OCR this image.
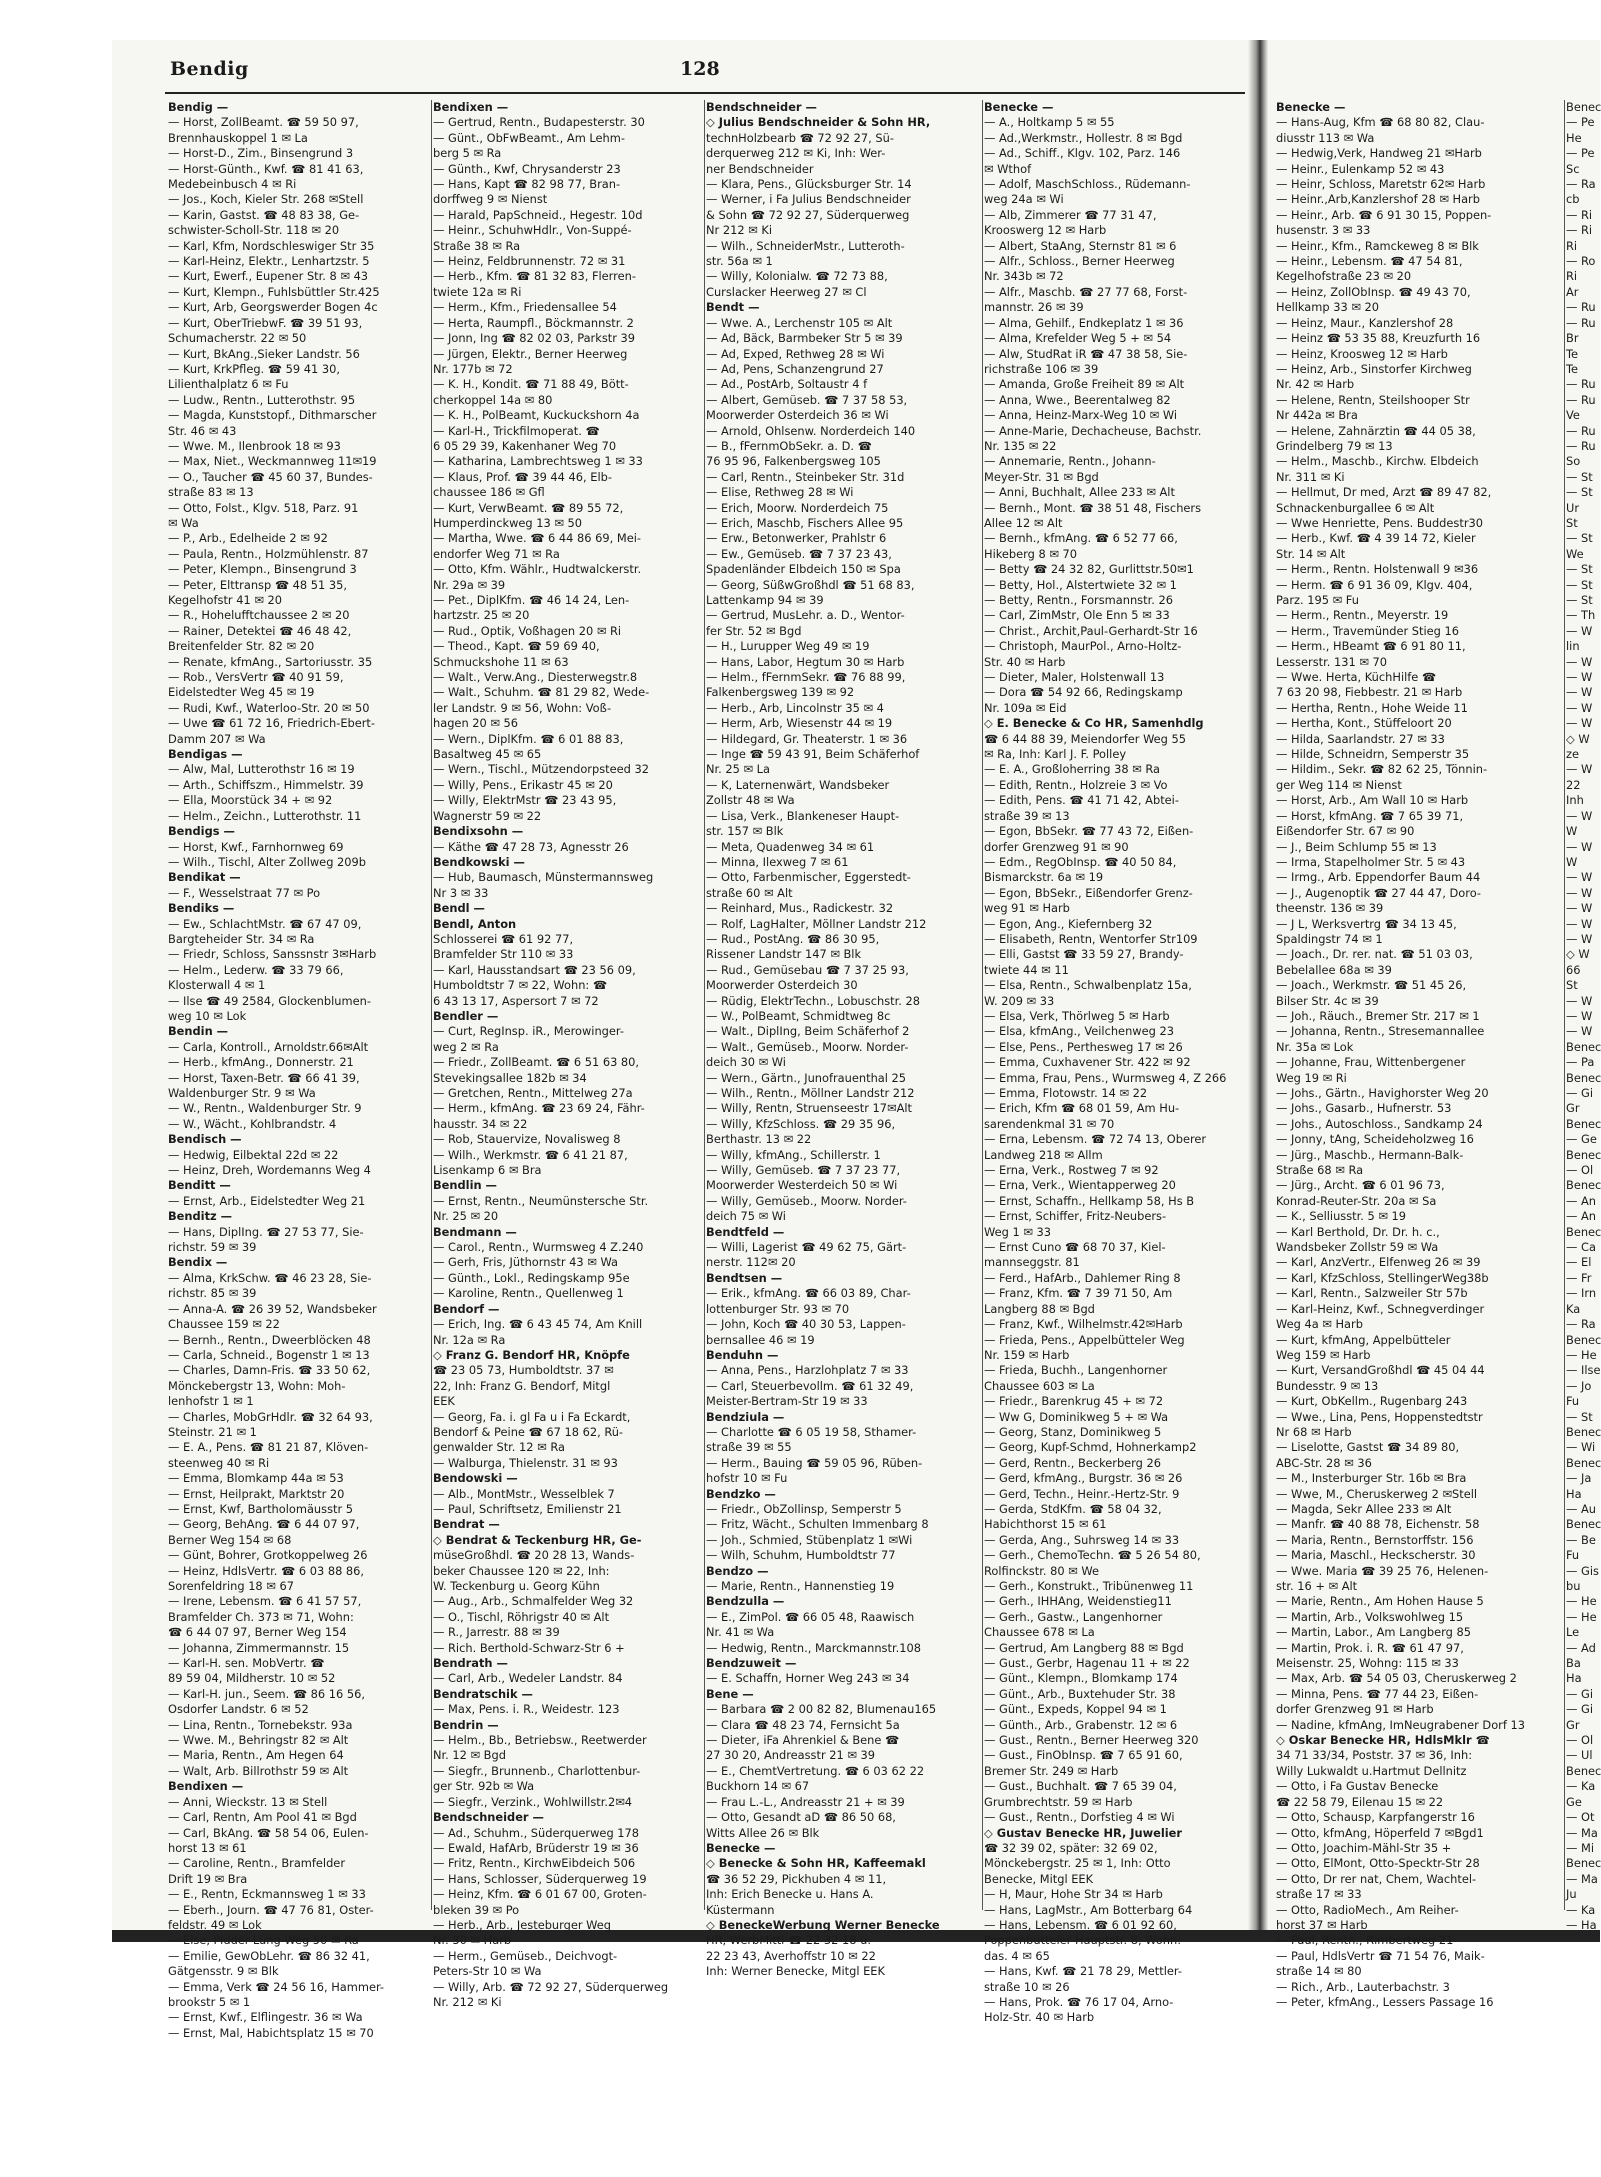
Bendig	128
Bendig —
— Horst, ZollBeamt. ☎ 59 50 97,
Brennhauskoppel 1 ✉ La
— Horst-D., Zim., Binsengrund 3
— Horst-Günth., Kwf. ☎ 81 41 63,
Medebeinbusch 4 ✉ Ri
— Jos., Koch, Kieler Str. 268 ✉Stell
— Karin, Gastst. ☎ 48 83 38, Ge-
schwister-Scholl-Str. 118 ✉ 20
— Karl, Kfm, Nordschleswiger Str 35
— Karl-Heinz, Elektr., Lenhartzstr. 5
— Kurt, Ewerf., Eupener Str. 8 ✉ 43
— Kurt, Klempn., Fuhlsbüttler Str.425
— Kurt, Arb, Georgswerder Bogen 4c
— Kurt, OberTriebwF. ☎ 39 51 93,
Schumacherstr. 22 ✉ 50
— Kurt, BkAng.,Sieker Landstr. 56
— Kurt, KrkPfleg. ☎ 59 41 30,
Lilienthalplatz 6 ✉ Fu
— Ludw., Rentn., Lutterothstr. 95
— Magda, Kunststopf., Dithmarscher
Str. 46 ✉ 43
— Wwe. M., Ilenbrook 18 ✉ 93
— Max, Niet., Weckmannweg 11✉19
— O., Taucher ☎ 45 60 37, Bundes-
straße 83 ✉ 13
— Otto, Folst., Klgv. 518, Parz. 91
✉ Wa
— P., Arb., Edelheide 2 ✉ 92
— Paula, Rentn., Holzmühlenstr. 87
— Peter, Klempn., Binsengrund 3
— Peter, Elttransp ☎ 48 51 35,
Kegelhofstr 41 ✉ 20
— R., Hohelufftchaussee 2 ✉ 20
— Rainer, Detektei ☎ 46 48 42,
Breitenfelder Str. 82 ✉ 20
— Renate, kfmAng., Sartoriusstr. 35
— Rob., VersVertr ☎ 40 91 59,
Eidelstedter Weg 45 ✉ 19
— Rudi, Kwf., Waterloo-Str. 20 ✉ 50
— Uwe ☎ 61 72 16, Friedrich-Ebert-
Damm 207 ✉ Wa
Bendigas —
— Alw, Mal, Lutterothstr 16 ✉ 19
— Arth., Schiffszm., Himmelstr. 39
— Ella, Moorstück 34 + ✉ 92
— Helm., Zeichn., Lutterothstr. 11
Bendigs —
— Horst, Kwf., Farnhornweg 69
— Wilh., Tischl, Alter Zollweg 209b
Bendikat —
— F., Wesselstraat 77 ✉ Po
Bendiks —
— Ew., SchlachtMstr. ☎ 67 47 09,
Bargteheider Str. 34 ✉ Ra
— Friedr, Schloss, Sanssnstr 3✉Harb
— Helm., Lederw. ☎ 33 79 66,
Klosterwall 4 ✉ 1
— Ilse ☎ 49 2584, Glockenblumen-
weg 10 ✉ Lok
Bendin —
— Carla, Kontroll., Arnoldstr.66✉Alt
— Herb., kfmAng., Donnerstr. 21
— Horst, Taxen-Betr. ☎ 66 41 39,
Waldenburger Str. 9 ✉ Wa
— W., Rentn., Waldenburger Str. 9
— W., Wächt., Kohlbrandstr. 4
Bendisch —
— Hedwig, Eilbektal 22d ✉ 22
— Heinz, Dreh, Wordemanns Weg 4
Benditt —
— Ernst, Arb., Eidelstedter Weg 21
Benditz —
— Hans, DiplIng. ☎ 27 53 77, Sie-
richstr. 59 ✉ 39
Bendix —
— Alma, KrkSchw. ☎ 46 23 28, Sie-
richstr. 85 ✉ 39
— Anna-A. ☎ 26 39 52, Wandsbeker
Chaussee 159 ✉ 22
— Bernh., Rentn., Dweerblöcken 48
— Carla, Schneid., Bogenstr 1 ✉ 13
— Charles, Damn-Fris. ☎ 33 50 62,
Mönckebergstr 13, Wohn: Moh-
lenhofstr 1 ✉ 1
— Charles, MobGrHdlr. ☎ 32 64 93,
Steinstr. 21 ✉ 1
— E. A., Pens. ☎ 81 21 87, Klöven-
steenweg 40 ✉ Ri
— Emma, Blomkamp 44a ✉ 53
— Ernst, Heilprakt, Marktstr 20
— Ernst, Kwf, Bartholomäusstr 5
— Georg, BehAng. ☎ 6 44 07 97,
Berner Weg 154 ✉ 68
— Günt, Bohrer, Grotkoppelweg 26
— Heinz, HdlsVertr. ☎ 6 03 88 86,
Sorenfeldring 18 ✉ 67
— Irene, Lebensm. ☎ 6 41 57 57,
Bramfelder Ch. 373 ✉ 71, Wohn:
☎ 6 44 07 97, Berner Weg 154
— Johanna, Zimmermannstr. 15
— Karl-H. sen. MobVertr. ☎
89 59 04, Mildherstr. 10 ✉ 52
— Karl-H. jun., Seem. ☎ 86 16 56,
Osdorfer Landstr. 6 ✉ 52
— Lina, Rentn., Tornebekstr. 93a
— Wwe. M., Behringstr 82 ✉ Alt
— Maria, Rentn., Am Hegen 64
— Walt, Arb. Billrothstr 59 ✉ Alt
Bendixen —
— Anni, Wieckstr. 13 ✉ Stell
— Carl, Rentn, Am Pool 41 ✉ Bgd
— Carl, BkAng. ☎ 58 54 06, Eulen-
horst 13 ✉ 61
— Caroline, Rentn., Bramfelder
Drift 19 ✉ Bra
— E., Rentn, Eckmannsweg 1 ✉ 33
— Eberh., Journ. ☎ 47 76 81, Oster-
feldstr. 49 ✉ Lok
— Else, Pidder-Lüng-Weg 50 ✉ Ra
— Emilie, GewObLehr. ☎ 86 32 41,
Gätgensstr. 9 ✉ Blk
— Emma, Verk ☎ 24 56 16, Hammer-
brookstr 5 ✉ 1
— Ernst, Kwf., Elflingestr. 36 ✉ Wa
— Ernst, Mal, Habichtsplatz 15 ✉ 70
Bendixen —
— Gertrud, Rentn., Budapesterstr. 30
— Günt., ObFwBeamt., Am Lehm-
berg 5 ✉ Ra
— Günth., Kwf, Chrysanderstr 23
— Hans, Kapt ☎ 82 98 77, Bran-
dorffweg 9 ✉ Nienst
— Harald, PapSchneid., Hegestr. 10d
— Heinr., SchuhwHdlr., Von-Suppé-
Straße 38 ✉ Ra
— Heinz, Feldbrunnenstr. 72 ✉ 31
— Herb., Kfm. ☎ 81 32 83, Flerren-
twiete 12a ✉ Ri
— Herm., Kfm., Friedensallee 54
— Herta, Raumpfl., Böckmannstr. 2
— Jonn, Ing ☎ 82 02 03, Parkstr 39
— Jürgen, Elektr., Berner Heerweg
Nr. 177b ✉ 72
— K. H., Kondit. ☎ 71 88 49, Bött-
cherkoppel 14a ✉ 80
— K. H., PolBeamt, Kuckuckshorn 4a
— Karl-H., Trickfilmoperat. ☎
6 05 29 39, Kakenhaner Weg 70
— Katharina, Lambrechtsweg 1 ✉ 33
— Klaus, Prof. ☎ 39 44 46, Elb-
chaussee 186 ✉ Gfl
— Kurt, VerwBeamt. ☎ 89 55 72,
Humperdinckweg 13 ✉ 50
— Martha, Wwe. ☎ 6 44 86 69, Mei-
endorfer Weg 71 ✉ Ra
— Otto, Kfm. Wählr., Hudtwalckerstr.
Nr. 29a ✉ 39
— Pet., DiplKfm. ☎ 46 14 24, Len-
hartzstr. 25 ✉ 20
— Rud., Optik, Voßhagen 20 ✉ Ri
— Theod., Kapt. ☎ 59 69 40,
Schmuckshohe 11 ✉ 63
— Walt., Verw.Ang., Diesterwegstr.8
— Walt., Schuhm. ☎ 81 29 82, Wede-
ler Landstr. 9 ✉ 56, Wohn: Voß-
hagen 20 ✉ 56
— Wern., DiplKfm. ☎ 6 01 88 83,
Basaltweg 45 ✉ 65
— Wern., Tischl., Mützendorpsteed 32
— Willy, Pens., Erikastr 45 ✉ 20
— Willy, ElektrMstr ☎ 23 43 95,
Wagnerstr 59 ✉ 22
Bendixsohn —
— Käthe ☎ 47 28 73, Agnesstr 26
Bendkowski —
— Hub, Baumasch, Münstermannsweg
Nr 3 ✉ 33
Bendl —
Bendl, Anton
Schlosserei ☎ 61 92 77,
Bramfelder Str 110 ✉ 33
— Karl, Hausstandsart ☎ 23 56 09,
Humboldtstr 7 ✉ 22, Wohn: ☎
6 43 13 17, Aspersort 7 ✉ 72
Bendler —
— Curt, RegInsp. iR., Merowinger-
weg 2 ✉ Ra
— Friedr., ZollBeamt. ☎ 6 51 63 80,
Stevekingsallee 182b ✉ 34
— Gretchen, Rentn., Mittelweg 27a
— Herm., kfmAng. ☎ 23 69 24, Fähr-
hausstr. 34 ✉ 22
— Rob, Stauervize, Novalisweg 8
— Wilh., Werkmstr. ☎ 6 41 21 87,
Lisenkamp 6 ✉ Bra
Bendlin —
— Ernst, Rentn., Neumünstersche Str.
Nr. 25 ✉ 20
Bendmann —
— Carol., Rentn., Wurmsweg 4 Z.240
— Gerh, Fris, Jüthornstr 43 ✉ Wa
— Günth., Lokl., Redingskamp 95e
— Karoline, Rentn., Quellenweg 1
Bendorf —
— Erich, Ing. ☎ 6 43 45 74, Am Knill
Nr. 12a ✉ Ra
◇ Franz G. Bendorf HR, Knöpfe
☎ 23 05 73, Humboldtstr. 37 ✉
22, Inh: Franz G. Bendorf, Mitgl
EEK
— Georg, Fa. i. gl Fa u i Fa Eckardt,
Bendorf & Peine ☎ 67 18 62, Rü-
genwalder Str. 12 ✉ Ra
— Walburga, Thielenstr. 31 ✉ 93
Bendowski —
— Alb., MontMstr., Wesselblek 7
— Paul, Schriftsetz, Emilienstr 21
Bendrat —
◇ Bendrat & Teckenburg HR, Ge-
müseGroßhdl. ☎ 20 28 13, Wands-
beker Chaussee 120 ✉ 22, Inh:
W. Teckenburg u. Georg Kühn
— Aug., Arb., Schmalfelder Weg 32
— O., Tischl, Röhrigstr 40 ✉ Alt
— R., Jarrestr. 88 ✉ 39
— Rich. Berthold-Schwarz-Str 6 +
Bendrath —
— Carl, Arb., Wedeler Landstr. 84
Bendratschik —
— Max, Pens. i. R., Weidestr. 123
Bendrin —
— Helm., Bb., Betriebsw., Reetwerder
Nr. 12 ✉ Bgd
— Siegfr., Brunnenb., Charlottenbur-
ger Str. 92b ✉ Wa
— Siegfr., Verzink., Wohlwillstr.2✉4
Bendschneider —
— Ad., Schuhm., Süderquerweg 178
— Ewald, HafArb, Brüderstr 19 ✉ 36
— Fritz, Rentn., KirchwEibdeich 506
— Hans, Schlosser, Süderquerweg 19
— Heinz, Kfm. ☎ 6 01 67 00, Groten-
bleken 39 ✉ Po
— Herb., Arb., Jesteburger Weg
Nr. 30 ✉ Harb
— Herm., Gemüseb., Deichvogt-
Peters-Str 10 ✉ Wa
— Willy, Arb. ☎ 72 92 27, Süderquerweg
Nr. 212 ✉ Ki
Bendschneider —
◇ Julius Bendschneider & Sohn HR,
technHolzbearb ☎ 72 92 27, Sü-
derquerweg 212 ✉ Ki, Inh: Wer-
ner Bendschneider
— Klara, Pens., Glücksburger Str. 14
— Werner, i Fa Julius Bendschneider
& Sohn ☎ 72 92 27, Süderquerweg
Nr 212 ✉ Ki
— Wilh., SchneiderMstr., Lutteroth-
str. 56a ✉ 1
— Willy, Kolonialw. ☎ 72 73 88,
Curslacker Heerweg 27 ✉ Cl
Bendt —
— Wwe. A., Lerchenstr 105 ✉ Alt
— Ad, Bäck, Barmbeker Str 5 ✉ 39
— Ad, Exped, Rethweg 28 ✉ Wi
— Ad, Pens, Schanzengrund 27
— Ad., PostArb, Soltaustr 4 f
— Albert, Gemüseb. ☎ 7 37 58 53,
Moorwerder Osterdeich 36 ✉ Wi
— Arnold, Ohlsenw. Norderdeich 140
— B., fFernmObSekr. a. D. ☎
76 95 96, Falkenbergsweg 105
— Carl, Rentn., Steinbeker Str. 31d
— Elise, Rethweg 28 ✉ Wi
— Erich, Moorw. Norderdeich 75
— Erich, Maschb, Fischers Allee 95
— Erw., Betonwerker, Prahlstr 6
— Ew., Gemüseb. ☎ 7 37 23 43,
Spadenländer Elbdeich 150 ✉ Spa
— Georg, SüßwGroßhdl ☎ 51 68 83,
Lattenkamp 94 ✉ 39
— Gertrud, MusLehr. a. D., Wentor-
fer Str. 52 ✉ Bgd
— H., Lurupper Weg 49 ✉ 19
— Hans, Labor, Hegtum 30 ✉ Harb
— Helm., fFernmSekr. ☎ 76 88 99,
Falkenbergsweg 139 ✉ 92
— Herb., Arb, Lincolnstr 35 ✉ 4
— Herm, Arb, Wiesenstr 44 ✉ 19
— Hildegard, Gr. Theaterstr. 1 ✉ 36
— Inge ☎ 59 43 91, Beim Schäferhof
Nr. 25 ✉ La
— K, Laternenwärt, Wandsbeker
Zollstr 48 ✉ Wa
— Lisa, Verk., Blankeneser Haupt-
str. 157 ✉ Blk
— Meta, Quadenweg 34 ✉ 61
— Minna, Ilexweg 7 ✉ 61
— Otto, Farbenmischer, Eggerstedt-
straße 60 ✉ Alt
— Reinhard, Mus., Radickestr. 32
— Rolf, LagHalter, Möllner Landstr 212
— Rud., PostAng. ☎ 86 30 95,
Rissener Landstr 147 ✉ Blk
— Rud., Gemüsebau ☎ 7 37 25 93,
Moorwerder Osterdeich 30
— Rüdig, ElektrTechn., Lobuschstr. 28
— W., PolBeamt, Schmidtweg 8c
— Walt., DiplIng, Beim Schäferhof 2
— Walt., Gemüseb., Moorw. Norder-
deich 30 ✉ Wi
— Wern., Gärtn., Junofrauenthal 25
— Wilh., Rentn., Möllner Landstr 212
— Willy, Rentn, Struenseestr 17✉Alt
— Willy, KfzSchloss. ☎ 29 35 96,
Berthastr. 13 ✉ 22
— Willy, kfmAng., Schillerstr. 1
— Willy, Gemüseb. ☎ 7 37 23 77,
Moorwerder Westerdeich 50 ✉ Wi
— Willy, Gemüseb., Moorw. Norder-
deich 75 ✉ Wi
Bendtfeld —
— Willi, Lagerist ☎ 49 62 75, Gärt-
nerstr. 112✉ 20
Bendtsen —
— Erik., kfmAng. ☎ 66 03 89, Char-
lottenburger Str. 93 ✉ 70
— John, Koch ☎ 40 30 53, Lappen-
bernsallee 46 ✉ 19
Benduhn —
— Anna, Pens., Harzlohplatz 7 ✉ 33
— Carl, Steuerbevollm. ☎ 61 32 49,
Meister-Bertram-Str 19 ✉ 33
Bendziula —
— Charlotte ☎ 6 05 19 58, Sthamer-
straße 39 ✉ 55
— Herm., Bauing ☎ 59 05 96, Rüben-
hofstr 10 ✉ Fu
Bendzko —
— Friedr., ObZollinsp, Semperstr 5
— Fritz, Wächt., Schulten Immenbarg 8
— Joh., Schmied, Stübenplatz 1 ✉Wi
— Wilh, Schuhm, Humboldtstr 77
Bendzo —
— Marie, Rentn., Hannenstieg 19
Bendzulla —
— E., ZimPol. ☎ 66 05 48, Raawisch
Nr. 41 ✉ Wa
— Hedwig, Rentn., Marckmannstr.108
Bendzuweit —
— E. Schaffn, Horner Weg 243 ✉ 34
Bene —
— Barbara ☎ 2 00 82 82, Blumenau165
— Clara ☎ 48 23 74, Fernsicht 5a
— Dieter, iFa Ahrenkiel & Bene ☎
27 30 20, Andreasstr 21 ✉ 39
— E., ChemtVertretung. ☎ 6 03 62 22
Buckhorn 14 ✉ 67
— Frau L.-L., Andreasstr 21 + ✉ 39
— Otto, Gesandt aD ☎ 86 50 68,
Witts Allee 26 ✉ Blk
Benecke —
◇ Benecke & Sohn HR, Kaffeemakl
☎ 36 52 29, Pickhuben 4 ✉ 11,
Inh: Erich Benecke u. Hans A.
Küstermann
◇ BeneckeWerbung Werner Benecke
HR, WerbMittl ☎ 22 32 18 u.
22 23 43, Averhoffstr 10 ✉ 22
Inh: Werner Benecke, Mitgl EEK
Benecke —
— A., Holtkamp 5 ✉ 55
— Ad.,Werkmstr., Hollestr. 8 ✉ Bgd
— Ad., Schiff., Klgv. 102, Parz. 146
✉ Wthof
— Adolf, MaschSchloss., Rüdemann-
weg 24a ✉ Wi
— Alb, Zimmerer ☎ 77 31 47,
Krooswerg 12 ✉ Harb
— Albert, StaAng, Sternstr 81 ✉ 6
— Alfr., Schloss., Berner Heerweg
Nr. 343b ✉ 72
— Alfr., Maschb. ☎ 27 77 68, Forst-
mannstr. 26 ✉ 39
— Alma, Gehilf., Endkeplatz 1 ✉ 36
— Alma, Krefelder Weg 5 + ✉ 54
— Alw, StudRat iR ☎ 47 38 58, Sie-
richstraße 106 ✉ 39
— Amanda, Große Freiheit 89 ✉ Alt
— Anna, Wwe., Beerentalweg 82
— Anna, Heinz-Marx-Weg 10 ✉ Wi
— Anne-Marie, Dechacheuse, Bachstr.
Nr. 135 ✉ 22
— Annemarie, Rentn., Johann-
Meyer-Str. 31 ✉ Bgd
— Anni, Buchhalt, Allee 233 ✉ Alt
— Bernh., Mont. ☎ 38 51 48, Fischers
Allee 12 ✉ Alt
— Bernh., kfmAng. ☎ 6 52 77 66,
Hikeberg 8 ✉ 70
— Betty ☎ 24 32 82, Gurlittstr.50✉1
— Betty, Hol., Alstertwiete 32 ✉ 1
— Betty, Rentn., Forsmannstr. 26
— Carl, ZimMstr, Ole Enn 5 ✉ 33
— Christ., Archit,Paul-Gerhardt-Str 16
— Christoph, MaurPol., Arno-Holtz-
Str. 40 ✉ Harb
— Dieter, Maler, Holstenwall 13
— Dora ☎ 54 92 66, Redingskamp
Nr. 109a ✉ Eid
◇ E. Benecke & Co HR, Samenhdlg
☎ 6 44 88 39, Meiendorfer Weg 55
✉ Ra, Inh: Karl J. F. Polley
— E. A., Großloherring 38 ✉ Ra
— Edith, Rentn., Holzreie 3 ✉ Vo
— Edith, Pens. ☎ 41 71 42, Abtei-
straße 39 ✉ 13
— Egon, BbSekr. ☎ 77 43 72, Eißen-
dorfer Grenzweg 91 ✉ 90
— Edm., RegObInsp. ☎ 40 50 84,
Bismarckstr. 6a ✉ 19
— Egon, BbSekr., Eißendorfer Grenz-
weg 91 ✉ Harb
— Egon, Ang., Kiefernberg 32
— Elisabeth, Rentn, Wentorfer Str109
— Elli, Gastst ☎ 33 59 27, Brandy-
twiete 44 ✉ 11
— Elsa, Rentn., Schwalbenplatz 15a,
W. 209 ✉ 33
— Elsa, Verk, Thörlweg 5 ✉ Harb
— Elsa, kfmAng., Veilchenweg 23
— Else, Pens., Perthesweg 17 ✉ 26
— Emma, Cuxhavener Str. 422 ✉ 92
— Emma, Frau, Pens., Wurmsweg 4, Z 266
— Emma, Flotowstr. 14 ✉ 22
— Erich, Kfm ☎ 68 01 59, Am Hu-
sarendenkmal 31 ✉ 70
— Erna, Lebensm. ☎ 72 74 13, Oberer
Landweg 218 ✉ Allm
— Erna, Verk., Rostweg 7 ✉ 92
— Erna, Verk., Wientapperweg 20
— Ernst, Schaffn., Hellkamp 58, Hs B
— Ernst, Schiffer, Fritz-Neubers-
Weg 1 ✉ 33
— Ernst Cuno ☎ 68 70 37, Kiel-
mannseggstr. 81
— Ferd., HafArb., Dahlemer Ring 8
— Franz, Kfm. ☎ 7 39 71 50, Am
Langberg 88 ✉ Bgd
— Franz, Kwf., Wilhelmstr.42✉Harb
— Frieda, Pens., Appelbütteler Weg
Nr. 159 ✉ Harb
— Frieda, Buchh., Langenhorner
Chaussee 603 ✉ La
— Friedr., Barenkrug 45 + ✉ 72
— Ww G, Dominikweg 5 + ✉ Wa
— Georg, Stanz, Dominikweg 5
— Georg, Kupf-Schmd, Hohnerkamp2
— Gerd, Rentn., Beckerberg 26
— Gerd, kfmAng., Burgstr. 36 ✉ 26
— Gerd, Techn., Heinr.-Hertz-Str. 9
— Gerda, StdKfm. ☎ 58 04 32,
Habichthorst 15 ✉ 61
— Gerda, Ang., Suhrsweg 14 ✉ 33
— Gerh., ChemoTechn. ☎ 5 26 54 80,
Rolfinckstr. 80 ✉ We
— Gerh., Konstrukt., Tribünenweg 11
— Gerh., IHHAng, Weidenstieg11
— Gerh., Gastw., Langenhorner
Chaussee 678 ✉ La
— Gertrud, Am Langberg 88 ✉ Bgd
— Gust., Gerbr, Hagenau 11 + ✉ 22
— Günt., Klempn., Blomkamp 174
— Günt., Arb., Buxtehuder Str. 38
— Günt., Expeds, Koppel 94 ✉ 1
— Günth., Arb., Grabenstr. 12 ✉ 6
— Gust., Rentn., Berner Heerweg 320
— Gust., FinObInsp. ☎ 7 65 91 60,
Bremer Str. 249 ✉ Harb
— Gust., Buchhalt. ☎ 7 65 39 04,
Grumbrechtstr. 59 ✉ Harb
— Gust., Rentn., Dorfstieg 4 ✉ Wi
◇ Gustav Benecke HR, Juwelier
☎ 32 39 02, später: 32 69 02,
Mönckebergstr. 25 ✉ 1, Inh: Otto
Benecke, Mitgl EEK
— H, Maur, Hohe Str 34 ✉ Harb
— Hans, LagMstr., Am Botterbarg 64
— Hans, Lebensm. ☎ 6 01 92 60,
Poppenbütteler Hauptstr. 8, Wohn:
das. 4 ✉ 65
— Hans, Kwf. ☎ 21 78 29, Mettler-
straße 10 ✉ 26
— Hans, Prok. ☎ 76 17 04, Arno-
Holz-Str. 40 ✉ Harb
Benecke —
— Hans-Aug, Kfm ☎ 68 80 82, Clau-
diusstr 113 ✉ Wa
— Hedwig,Verk, Handweg 21 ✉Harb
— Heinr., Eulenkamp 52 ✉ 43
— Heinr, Schloss, Maretstr 62✉ Harb
— Heinr.,Arb,Kanzlershof 28 ✉ Harb
— Heinr., Arb. ☎ 6 91 30 15, Poppen-
husenstr. 3 ✉ 33
— Heinr., Kfm., Ramckeweg 8 ✉ Blk
— Heinr., Lebensm. ☎ 47 54 81,
Kegelhofstraße 23 ✉ 20
— Heinz, ZollObInsp. ☎ 49 43 70,
Hellkamp 33 ✉ 20
— Heinz, Maur., Kanzlershof 28
— Heinz ☎ 53 35 88, Kreuzfurth 16
— Heinz, Kroosweg 12 ✉ Harb
— Heinz, Arb., Sinstorfer Kirchweg
Nr. 42 ✉ Harb
— Helene, Rentn, Steilshooper Str
Nr 442a ✉ Bra
— Helene, Zahnärztin ☎ 44 05 38,
Grindelberg 79 ✉ 13
— Helm., Maschb., Kirchw. Elbdeich
Nr. 311 ✉ Ki
— Hellmut, Dr med, Arzt ☎ 89 47 82,
Schnackenburgallee 6 ✉ Alt
— Wwe Henriette, Pens. Buddestr30
— Herb., Kwf. ☎ 4 39 14 72, Kieler
Str. 14 ✉ Alt
— Herm., Rentn. Holstenwall 9 ✉36
— Herm. ☎ 6 91 36 09, Klgv. 404,
Parz. 195 ✉ Fu
— Herm., Rentn., Meyerstr. 19
— Herm., Travemünder Stieg 16
— Herm., HBeamt ☎ 6 91 80 11,
Lesserstr. 131 ✉ 70
— Wwe. Herta, KüchHilfe ☎
7 63 20 98, Fiebbestr. 21 ✉ Harb
— Hertha, Rentn., Hohe Weide 11
— Hertha, Kont., Stüffeloort 20
— Hilda, Saarlandstr. 27 ✉ 33
— Hilde, Schneidrn, Semperstr 35
— Hildim., Sekr. ☎ 82 62 25, Tönnin-
ger Weg 114 ✉ Nienst
— Horst, Arb., Am Wall 10 ✉ Harb
— Horst, kfmAng. ☎ 7 65 39 71,
Eißendorfer Str. 67 ✉ 90
— J., Beim Schlump 55 ✉ 13
— Irma, Stapelholmer Str. 5 ✉ 43
— Irmg., Arb. Eppendorfer Baum 44
— J., Augenoptik ☎ 27 44 47, Doro-
theenstr. 136 ✉ 39
— J L, Werksvertrg ☎ 34 13 45,
Spaldingstr 74 ✉ 1
— Joach., Dr. rer. nat. ☎ 51 03 03,
Bebelallee 68a ✉ 39
— Joach., Werkmstr. ☎ 51 45 26,
Bilser Str. 4c ✉ 39
— Joh., Räuch., Bremer Str. 217 ✉ 1
— Johanna, Rentn., Stresemannallee
Nr. 35a ✉ Lok
— Johanne, Frau, Wittenbergener
Weg 19 ✉ Ri
— Johs., Gärtn., Havighorster Weg 20
— Johs., Gasarb., Hufnerstr. 53
— Johs., Autoschloss., Sandkamp 24
— Jonny, tAng, Scheideholzweg 16
— Jürg., Maschb., Hermann-Balk-
Straße 68 ✉ Ra
— Jürg., Archt. ☎ 6 01 96 73,
Konrad-Reuter-Str. 20a ✉ Sa
— K., Selliusstr. 5 ✉ 19
— Karl Berthold, Dr. Dr. h. c.,
Wandsbeker Zollstr 59 ✉ Wa
— Karl, AnzVertr., Elfenweg 26 ✉ 39
— Karl, KfzSchloss, StellingerWeg38b
— Karl, Rentn., Salzweiler Str 57b
— Karl-Heinz, Kwf., Schnegverdinger
Weg 4a ✉ Harb
— Kurt, kfmAng, Appelbütteler
Weg 159 ✉ Harb
— Kurt, VersandGroßhdl ☎ 45 04 44
Bundesstr. 9 ✉ 13
— Kurt, ObKellm., Rugenbarg 243
— Wwe., Lina, Pens, Hoppenstedtstr
Nr 68 ✉ Harb
— Liselotte, Gastst ☎ 34 89 80,
ABC-Str. 28 ✉ 36
— M., Insterburger Str. 16b ✉ Bra
— Wwe, M., Cheruskerweg 2 ✉Stell
— Magda, Sekr Allee 233 ✉ Alt
— Manfr. ☎ 40 88 78, Eichenstr. 58
— Maria, Rentn., Bernstorffstr. 156
— Maria, Maschl., Heckscherstr. 30
— Wwe. Maria ☎ 39 25 76, Helenen-
str. 16 + ✉ Alt
— Marie, Rentn., Am Hohen Hause 5
— Martin, Arb., Volkswohlweg 15
— Martin, Labor., Am Langberg 85
— Martin, Prok. i. R. ☎ 61 47 97,
Meisenstr. 25, Wohng: 115 ✉ 33
— Max, Arb. ☎ 54 05 03, Cheruskerweg 2
— Minna, Pens. ☎ 77 44 23, Eißen-
dorfer Grenzweg 91 ✉ Harb
— Nadine, kfmAng, ImNeugrabener Dorf 13
◇ Oskar Benecke HR, HdlsMklr ☎
34 71 33/34, Poststr. 37 ✉ 36, Inh:
Willy Lukwaldt u.Hartmut Dellnitz
— Otto, i Fa Gustav Benecke
☎ 22 58 79, Eilenau 15 ✉ 22
— Otto, Schausp, Karpfangerstr 16
— Otto, kfmAng, Höperfeld 7 ✉Bgd1
— Otto, Joachim-Mähl-Str 35 +
— Otto, ElMont, Otto-Specktr-Str 28
— Otto, Dr rer nat, Chem, Wachtel-
straße 17 ✉ 33
— Otto, RadioMech., Am Reiher-
horst 37 ✉ Harb
— Paul, Rentn., Rimbertweg 21
— Paul, HdlsVertr ☎ 71 54 76, Maik-
straße 14 ✉ 80
— Rich., Arb., Lauterbachstr. 3
— Peter, kfmAng., Lessers Passage 16
Benec
— Pe
He
— Pe
Sc
— Ra
cb
— Ri
— Ri
Ri
— Ro
Ri
Ar
— Ru
— Ru
Br
Te
Te
— Ru
— Ru
Ve
— Ru
— Ru
So
— St
— St
Ur
St
— St
We
— St
— St
— St
— Th
— W
lin
— W
— W
— W
— W
— W
◇ W
ze
— W
22
Inh
— W
W
— W
W
— W
— W
— W
— W
— W
◇ W
66
St
— W
— W
— W
Benec
— Pa
Benec
— Gi
Gr
Benec
— Ge
Benec
— Ol
Benec
— An
— An
Benec
— Ca
— El
— Fr
— Irn
Ka
— Ra
Benec
— He
— Ilse
— Jo
Fu
— St
Benec
— Wi
Benec
— Ja
Ha
— Au
Benec
— Be
Fu
— Gis
bu
— He
— He
Le
— Ad
Ba
Ha
— Gi
— Gi
Gr
— Ol
— Ul
Benec
— Ka
Ge
— Ot
— Ma
— Mi
Benec
— Ma
Ju
— Ka
— Ha
